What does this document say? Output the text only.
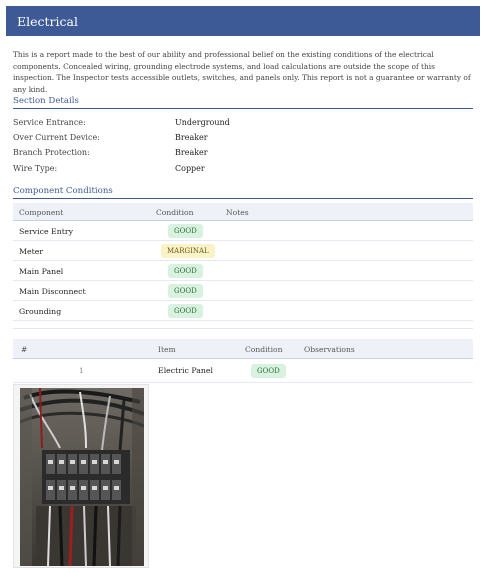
Electrical
This is a report made to the best of our ability and professional belief on the existing conditions of the electrical components. Concealed wiring, grounding electrode systems, and load calculations are outside the scope of this inspection. The Inspector tests accessible outlets, switches, and panels only. This report is not a guarantee or warranty of any kind.
Section Details
Service Entrance:	Underground
Over Current Device:	Breaker
Branch Protection:	Breaker
Wire Type:	Copper
Component Conditions
Component	Condition	Notes
Service Entry	GOOD
Meter	MARGINAL
Main Panel	GOOD
Main Disconnect	GOOD
Grounding	GOOD
#	Item	Condition	Observations
1	Electric Panel	GOOD
